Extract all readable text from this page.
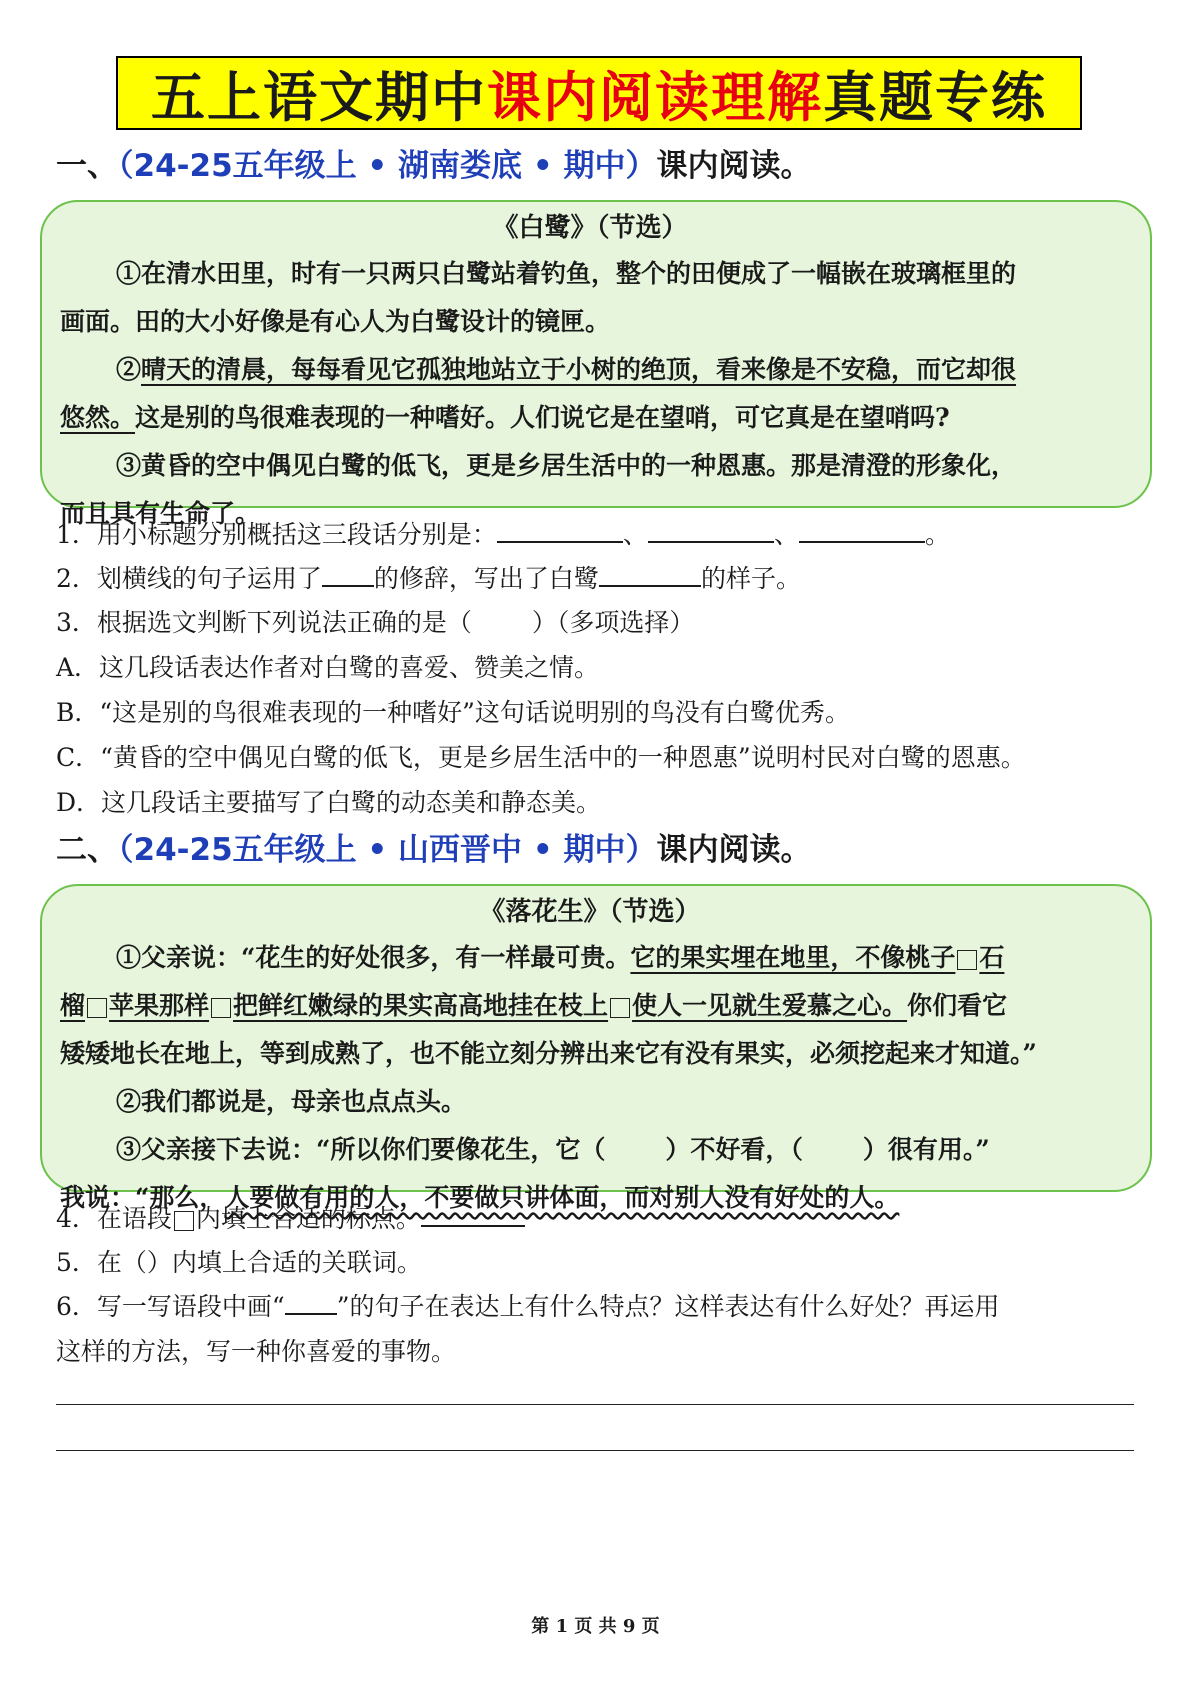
五上语文期中 课内阅读理解 真题专练
一、（24-25五年级上 • 湖南娄底 • 期中）课内阅读。
《白鹭》（节选）
①在清水田里，时有一只两只白鹭站着钓鱼，整个的田便成了一幅嵌在玻璃框里的
画面。田的大小好像是有心人为白鹭设计的镜匣。
②晴天的清晨，每每看见它孤独地站立于小树的绝顶，看来像是不安稳，而它却很
悠然。这是别的鸟很难表现的一种嗜好。人们说它是在望哨，可它真是在望哨吗?
③黄昏的空中偶见白鹭的低飞，更是乡居生活中的一种恩惠。那是清澄的形象化，
而且具有生命了。
1．用小标题分别概括这三段话分别是：	、	、	。
2．划横线的句子运用了 的修辞，写出了白鹭	的样子。
3．根据选文判断下列说法正确的是（ ）（多项选择）
A．这几段话表达作者对白鹭的喜爱、赞美之情。
B．“这是别的鸟很难表现的一种嗜好”这句话说明别的鸟没有白鹭优秀。
C．“黄昏的空中偶见白鹭的低飞，更是乡居生活中的一种恩惠”说明村民对白鹭的恩惠。
D．这几段话主要描写了白鹭的动态美和静态美。
二、（24-25五年级上 • 山西晋中 • 期中）课内阅读。
《落花生》（节选）
①父亲说：“花生的好处很多，有一样最可贵。它的果实埋在地里，不像桃子 石
榴 苹果那样 把鲜红嫩绿的果实高高地挂在枝上 使人一见就生爱慕之心。你们看它
矮矮地长在地上，等到成熟了，也不能立刻分辨出来它有没有果实，必须挖起来才知道。”
②我们都说是，母亲也点点头。
③父亲接下去说：“所以你们要像花生，它（ ）不好看，（ ）很有用。”
我说：“那么，人要做有用的人，不要做只讲体面，而对别人没有好处的人。
4．在语段 内填上合适的标点。
5．在（）内填上合适的关联词。
6．写一写语段中画“ ”的句子在表达上有什么特点？这样表达有什么好处？再运用
这样的方法，写一种你喜爱的事物。
第 1 页 共 9 页
